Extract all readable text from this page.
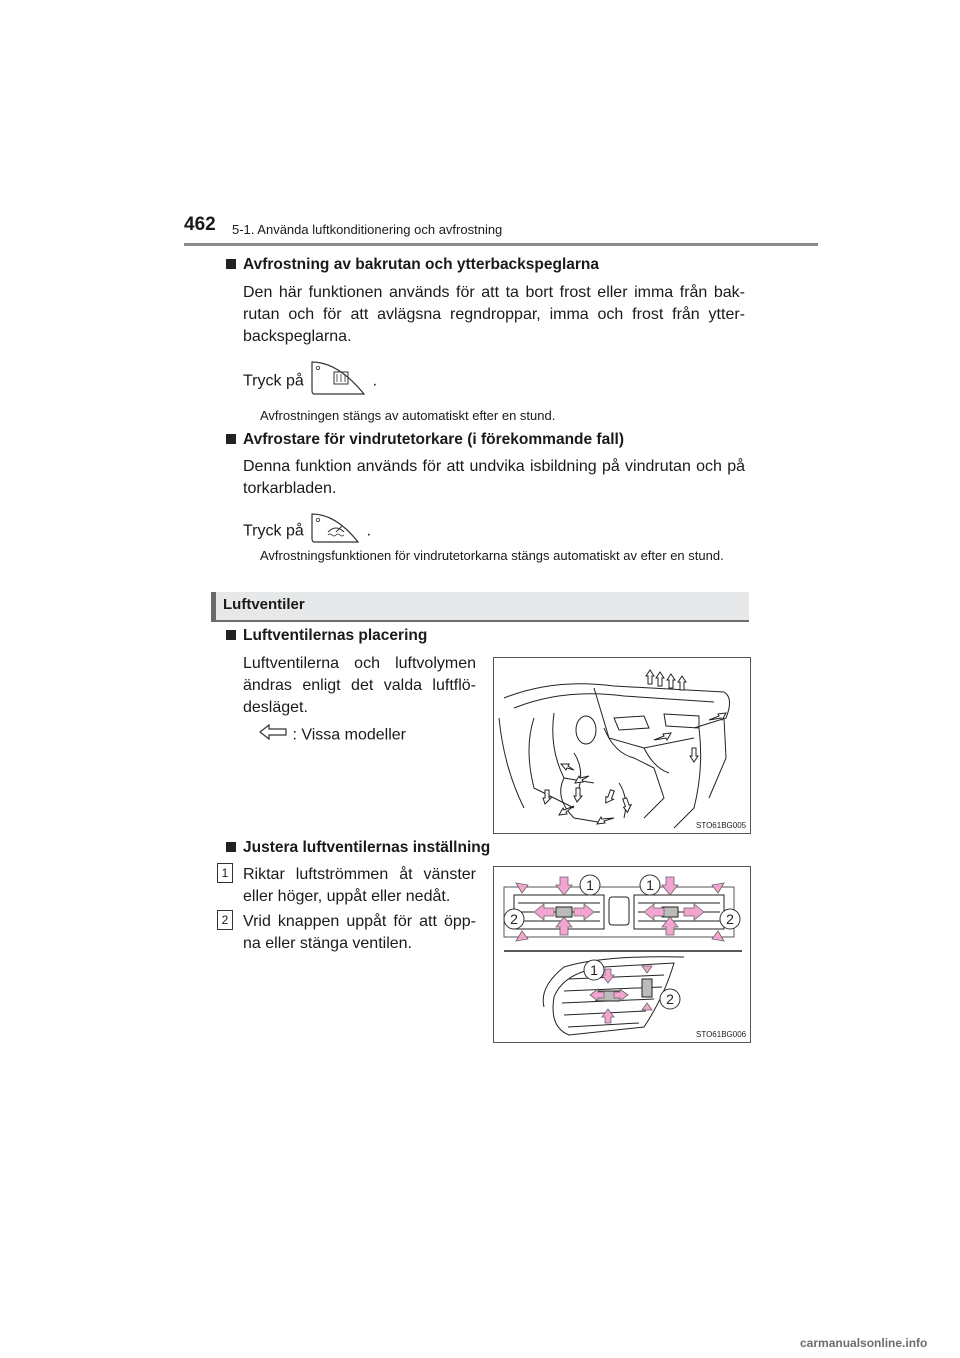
462 5-1. Använda luftkonditionering och avfrostning
Avfrostning av bakrutan och ytterbackspeglarna
Den här funktionen används för att ta bort frost eller imma från bak-rutan och för att avlägsna regndroppar, imma och frost från ytter-backspeglarna.
Tryck på	.
Avfrostningen stängs av automatiskt efter en stund.
Avfrostare för vindrutetorkare (i förekommande fall)
Denna funktion används för att undvika isbildning på vindrutan och på torkarbladen.
Tryck på	.
Avfrostningsfunktionen för vindrutetorkarna stängs automatiskt av efter en stund.
Luftventiler
Luftventilernas placering
Luftventilerna och luftvolymen ändras enligt det valda luftflö-desläget.
: Vissa modeller
STO61BG005
Justera luftventilernas inställning
1 Riktar luftströmmen åt vänster eller höger, uppåt eller nedåt.
2 Vrid knappen uppåt för att öpp-na eller stänga ventilen.
1	1
2	2
1
2
STO61BG006
carmanualsonline.info
